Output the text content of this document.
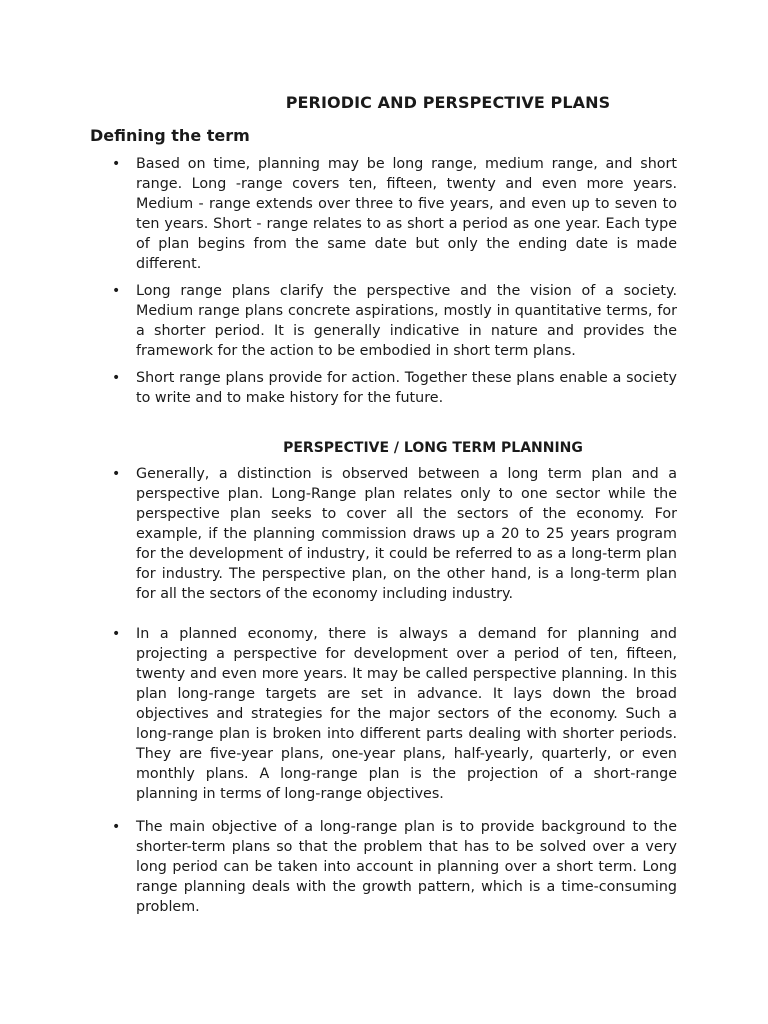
PERIODIC AND PERSPECTIVE PLANS
Defining the term
• Based on time, planning may be long range, medium range, and short range. Long -range covers ten, fifteen, twenty and even more years. Medium - range extends over three to five years, and even up to seven to ten years. Short - range relates to as short a period as one year. Each type of plan begins from the same date but only the ending date is made different.
• Long range plans clarify the perspective and the vision of a society. Medium range plans concrete aspirations, mostly in quantitative terms, for a shorter period. It is generally indicative in nature and provides the framework for the action to be embodied in short term plans.
• Short range plans provide for action. Together these plans enable a society to write and to make history for the future.
PERSPECTIVE / LONG TERM PLANNING
• Generally, a distinction is observed between a long term plan and a perspective plan. Long-Range plan relates only to one sector while the perspective plan seeks to cover all the sectors of the economy. For example, if the planning commission draws up a 20 to 25 years program for the development of industry, it could be referred to as a long-term plan for industry. The perspective plan, on the other hand, is a long-term plan for all the sectors of the economy including industry.
• In a planned economy, there is always a demand for planning and projecting a perspective for development over a period of ten, fifteen, twenty and even more years. It may be called perspective planning. In this plan long-range targets are set in advance. It lays down the broad objectives and strategies for the major sectors of the economy. Such a long-range plan is broken into different parts dealing with shorter periods. They are five-year plans, one-year plans, half-yearly, quarterly, or even monthly plans. A long-range plan is the projection of a short-range planning in terms of long-range objectives.
• The main objective of a long-range plan is to provide background to the shorter-term plans so that the problem that has to be solved over a very long period can be taken into account in planning over a short term. Long range planning deals with the growth pattern, which is a time-consuming problem.
